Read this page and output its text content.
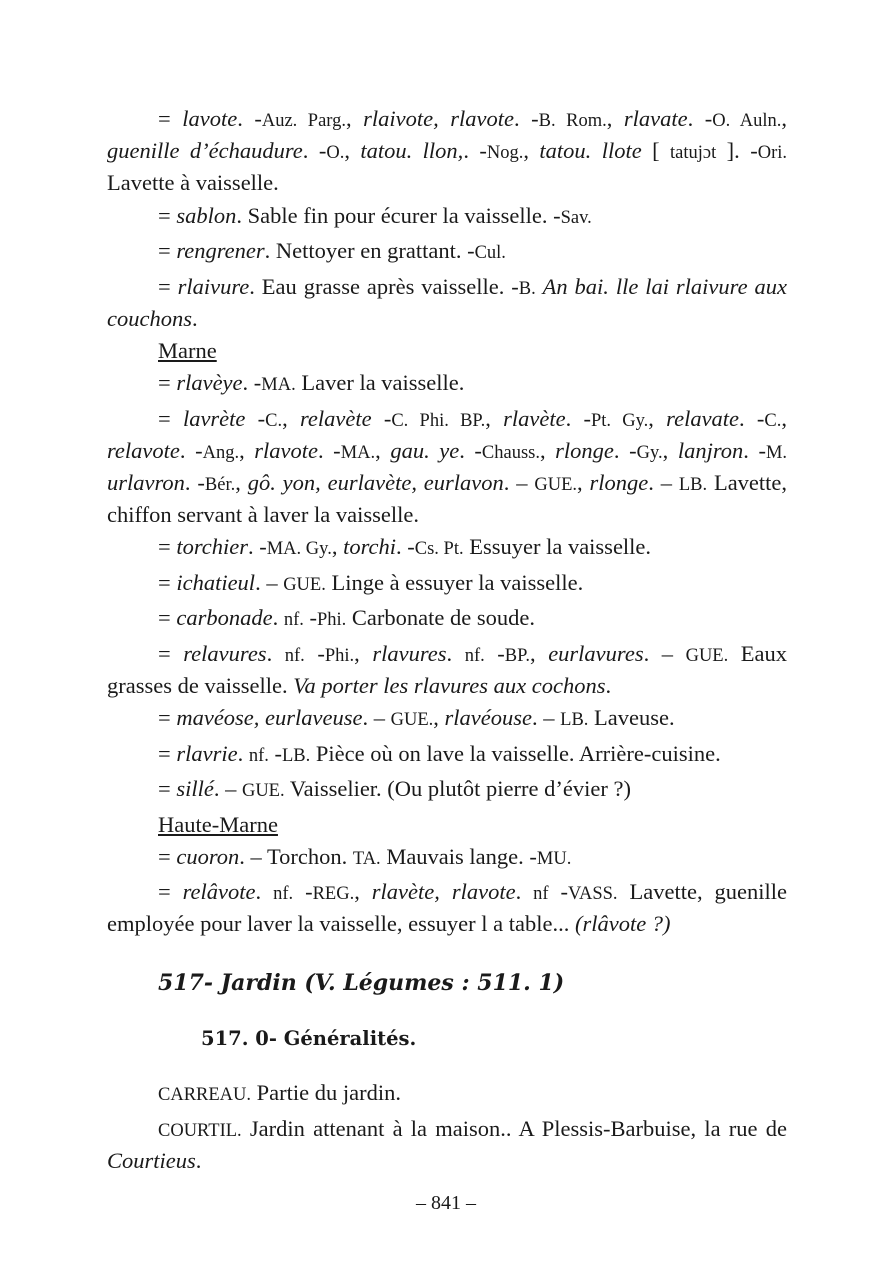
= lavote. -Auz. Parg., rlaivote, rlavote. -B. Rom., rlavate. -O. Auln., guenille d’échaudure. -O., tatou. llon,. -Nog., tatou. llote [ tatujɔt ]. -Ori. Lavette à vaisselle.

= sablon. Sable fin pour écurer la vaisselle. -Sav.

= rengrener. Nettoyer en grattant. -Cul.

= rlaivure. Eau grasse après vaisselle. -B. An bai. lle lai rlaivure aux couchons.

Marne

= rlavèye. -MA. Laver la vaisselle.

= lavrète -C., relavète -C. Phi. BP., rlavète. -Pt. Gy., relavate. -C., relavote. -Ang., rlavote. -MA., gau. ye. -Chauss., rlonge. -Gy., lanjron. -M. urlavron. -Bér., gô. yon, eurlavète, eurlavon. – GUE., rlonge. – LB. Lavette, chiffon servant à laver la vaisselle.

= torchier. -MA. Gy., torchi. -Cs. Pt. Essuyer la vaisselle.

= ichatieul. – GUE. Linge à essuyer la vaisselle.

= carbonade. nf. -Phi. Carbonate de soude.

= relavures. nf. -Phi., rlavures. nf. -BP., eurlavures. – GUE. Eaux grasses de vaisselle. Va porter les rlavures aux cochons.

= mavéose, eurlaveuse. – GUE., rlavéouse. – LB. Laveuse.

= rlavrie. nf. -LB. Pièce où on lave la vaisselle. Arrière-cuisine.

= sillé. – GUE. Vaisselier. (Ou plutôt pierre d’évier ?)

Haute-Marne

= cuoron. – Torchon. TA. Mauvais lange. -MU.

= relâvote. nf. -REG., rlavète, rlavote. nf -VASS. Lavette, guenille employée pour laver la vaisselle, essuyer l a table... (rlâvote ?)

517- Jardin (V. Légumes : 511. 1)
517. 0- Généralités.

CARREAU. Partie du jardin.

COURTIL. Jardin attenant à la maison.. A Plessis-Barbuise, la rue de Courtieus.

– 841 –
